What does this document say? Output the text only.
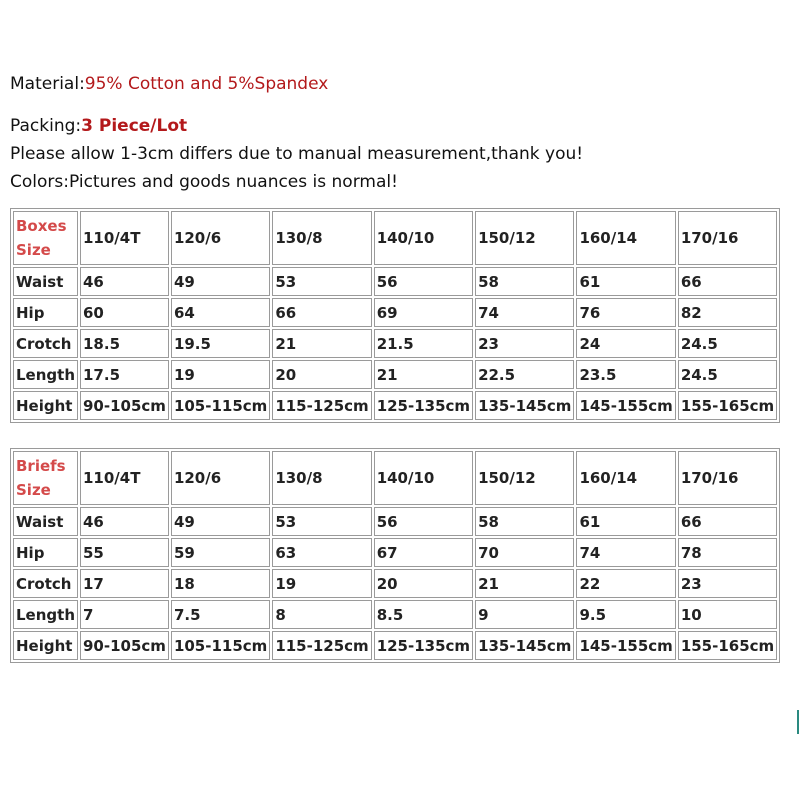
Material:95% Cotton and 5%Spandex
Packing:3 Piece/Lot
Please allow 1-3cm differs due to manual measurement,thank you!
Colors:Pictures and goods nuances is normal!
Boxes
Size	110/4T	120/6	130/8	140/10	150/12	160/14	170/16
Waist	46	49	53	56	58	61	66
Hip	60	64	66	69	74	76	82
Crotch	18.5	19.5	21	21.5	23	24	24.5
Length	17.5	19	20	21	22.5	23.5	24.5
Height	90-105cm	105-115cm	115-125cm	125-135cm	135-145cm	145-155cm	155-165cm
Briefs
Size	110/4T	120/6	130/8	140/10	150/12	160/14	170/16
Waist	46	49	53	56	58	61	66
Hip	55	59	63	67	70	74	78
Crotch	17	18	19	20	21	22	23
Length	7	7.5	8	8.5	9	9.5	10
Height	90-105cm	105-115cm	115-125cm	125-135cm	135-145cm	145-155cm	155-165cm
